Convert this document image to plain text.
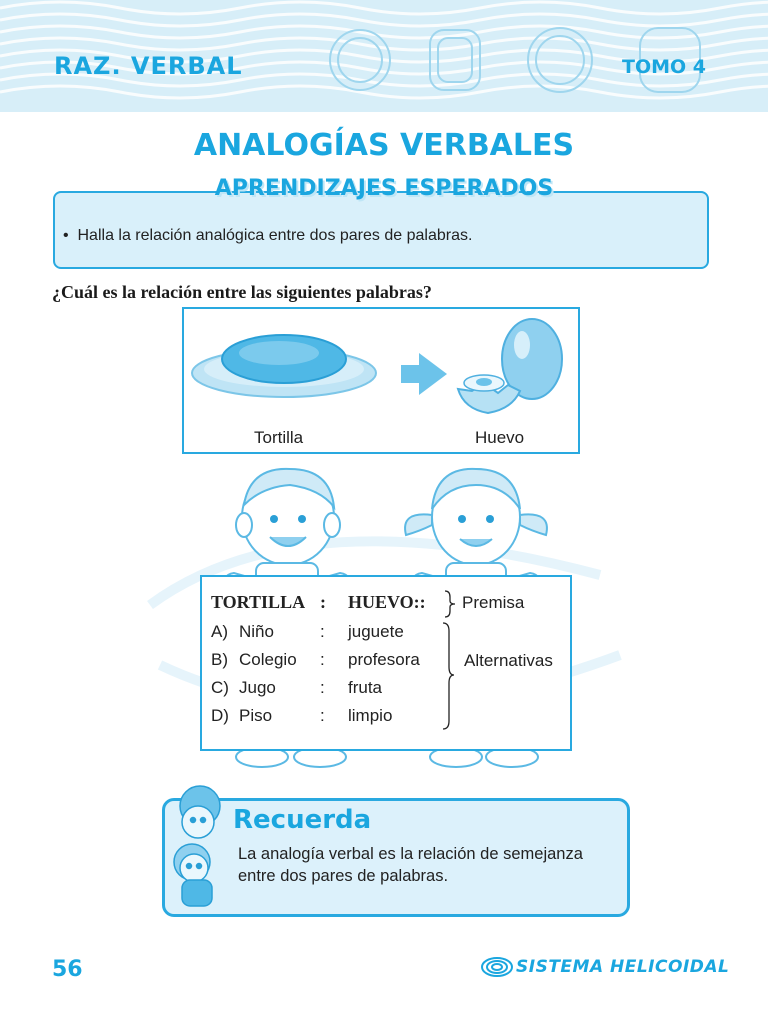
RAZ. VERBAL	TOMO 4
ANALOGÍAS VERBALES
•  Halla la relación analógica entre dos pares de palabras.
APRENDIZAJES ESPERADOS
¿Cuál es la relación entre las siguientes palabras?
Tortilla	Huevo
TORTILLA : HUEVO:: Premisa
A) Niño	: juguete
B) Colegio : profesora
C) Jugo	: fruta
D) Piso	: limpio
Alternativas
Recuerda
La analogía verbal es la relación de semejanza entre dos pares de palabras.
56	SISTEMA HELICOIDAL
